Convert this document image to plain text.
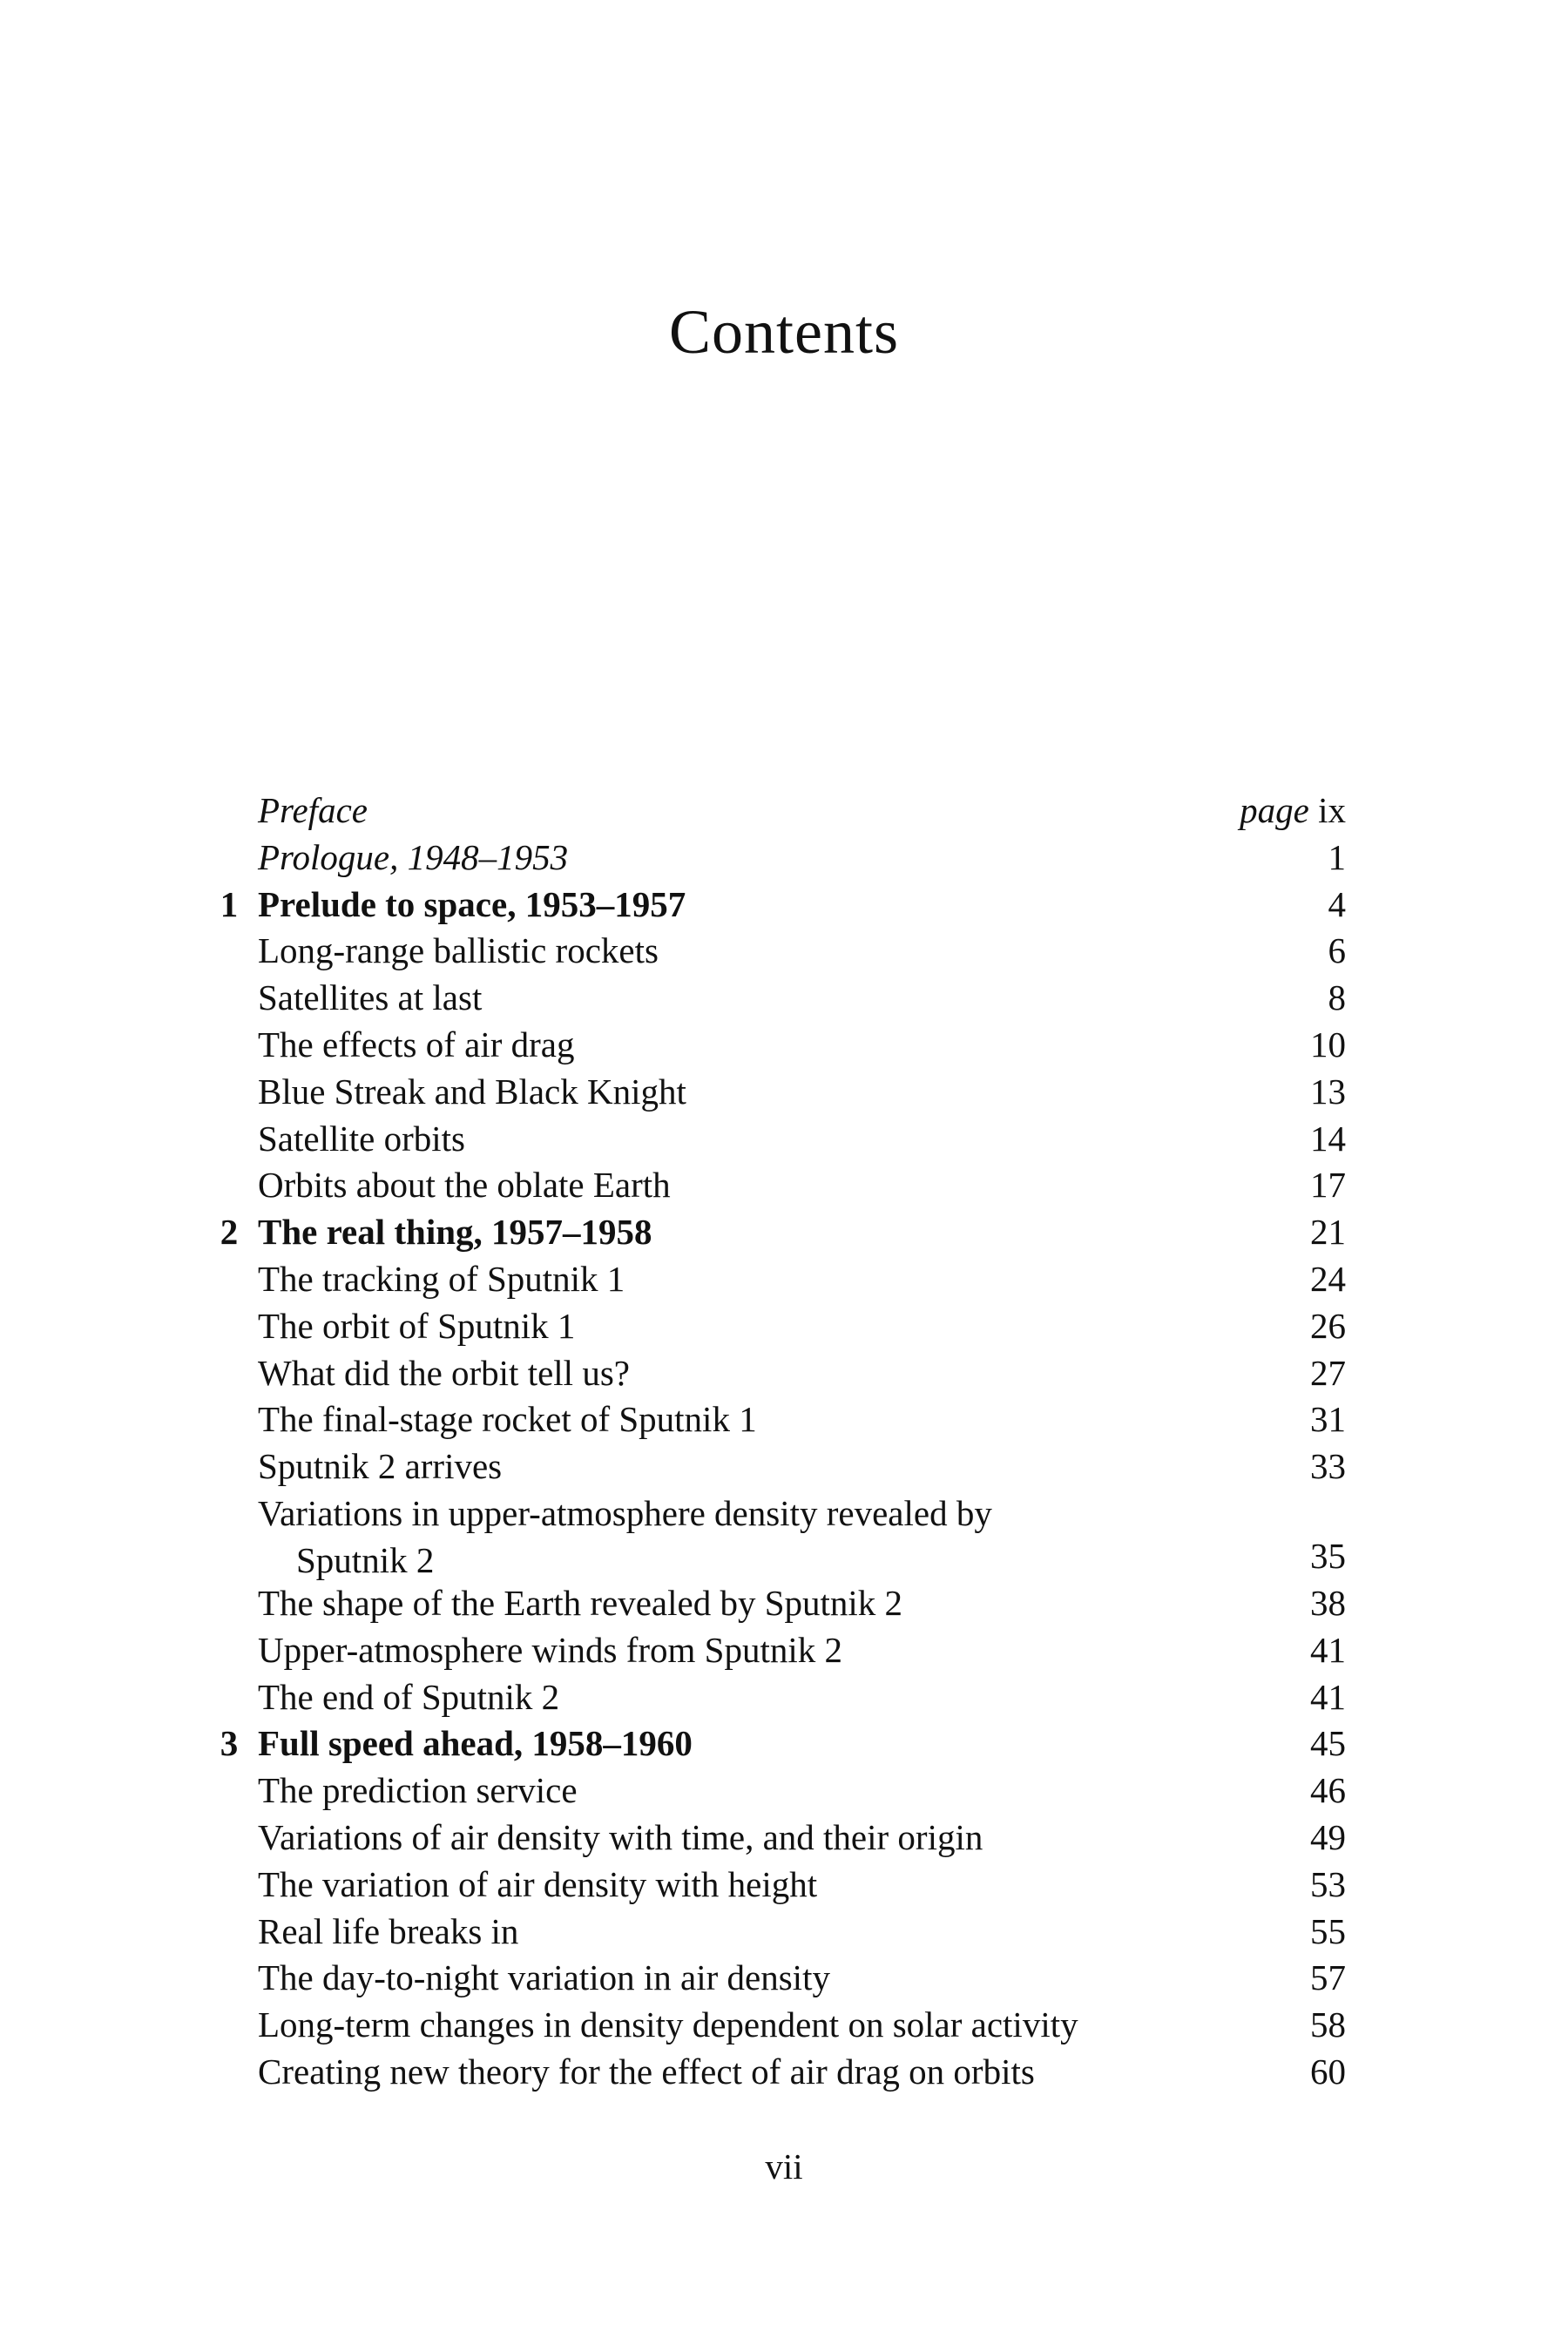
Contents
Preface	page ix
Prologue, 1948–1953	1
1 Prelude to space, 1953–1957	4
Long-range ballistic rockets	6
Satellites at last	8
The effects of air drag	10
Blue Streak and Black Knight	13
Satellite orbits	14
Orbits about the oblate Earth	17
2 The real thing, 1957–1958	21
The tracking of Sputnik 1	24
The orbit of Sputnik 1	26
What did the orbit tell us?	27
The final-stage rocket of Sputnik 1	31
Sputnik 2 arrives	33
Variations in upper-atmosphere density revealed by
Sputnik 2	35
The shape of the Earth revealed by Sputnik 2	38
Upper-atmosphere winds from Sputnik 2	41
The end of Sputnik 2	41
3 Full speed ahead, 1958–1960	45
The prediction service	46
Variations of air density with time, and their origin	49
The variation of air density with height	53
Real life breaks in	55
The day-to-night variation in air density	57
Long-term changes in density dependent on solar activity	58
Creating new theory for the effect of air drag on orbits	60
vii
